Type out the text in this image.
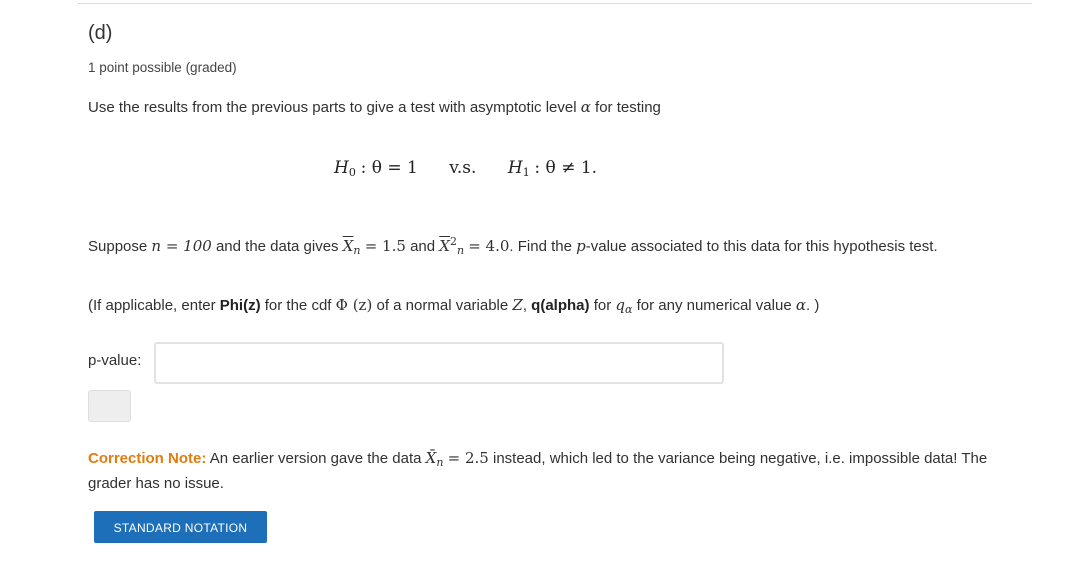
(d)
1 point possible (graded)
Use the results from the previous parts to give a test with asymptotic level α for testing
$H_0$ : θ = 1 v.s. $H_1$ : θ ≠ 1.
Suppose n = 100 and the data gives $\overline{X}_n = 1.5$ and $\overline{X}^2_n = 4.0$. Find the p-value associated to this data for this hypothesis test.
(If applicable, enter Phi(z) for the cdf Φ (z) of a normal variable Z, q(alpha) for $q_\alpha$ for any numerical value α. )
p-value:
Correction Note: An earlier version gave the data $X̄_n = 2.5$ instead, which led to the variance being negative, i.e. impossible data! The grader has no issue.
STANDARD NOTATION
